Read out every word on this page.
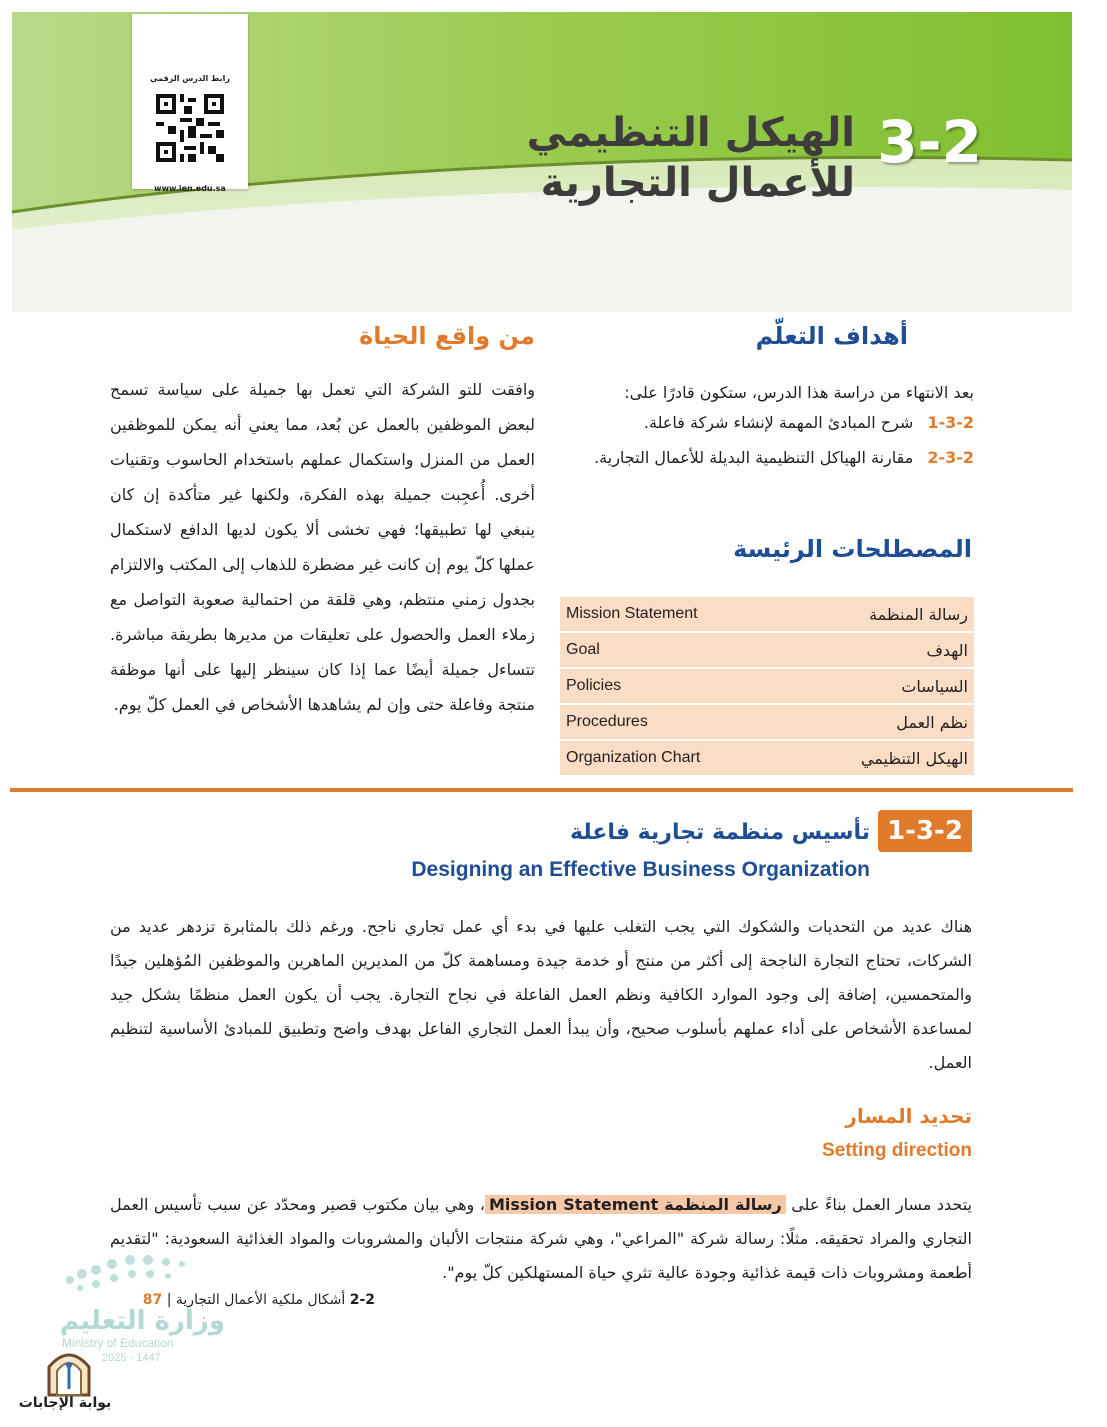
رابط الدرس الرقمي
www.ien.edu.sa
3-2
الهيكل التنظيمي للأعمال التجارية
أهداف التعلّم
بعد الانتهاء من دراسة هذا الدرس، ستكون قادرًا على:
1-3-2
شرح المبادئ المهمة لإنشاء شركة فاعلة.
2-3-2
مقارنة الهياكل التنظيمية البديلة للأعمال التجارية.
المصطلحات الرئيسة
Mission Statement	رسالة المنظمة
Goal	الهدف
Policies	السياسات
Procedures	نظم العمل
Organization Chart	الهيكل التنظيمي
من واقع الحياة
وافقت للتو الشركة التي تعمل بها جميلة على سياسة تسمح لبعض الموظفين بالعمل عن بُعد، مما يعني أنه يمكن للموظفين العمل من المنزل واستكمال عملهم باستخدام الحاسوب وتقنيات أخرى. أُعجِبت جميلة بهذه الفكرة، ولكنها غير متأكدة إن كان ينبغي لها تطبيقها؛ فهي تخشى ألا يكون لديها الدافع لاستكمال عملها كلّ يوم إن كانت غير مضطرة للذهاب إلى المكتب والالتزام بجدول زمني منتظم، وهي قلقة من احتمالية صعوبة التواصل مع زملاء العمل والحصول على تعليقات من مديرها بطريقة مباشرة. تتساءل جميلة أيضًا عما إذا كان سينظر إليها على أنها موظفة منتجة وفاعلة حتى وإن لم يشاهدها الأشخاص في العمل كلّ يوم.
1-3-2
تأسيس منظمة تجارية فاعلة
Designing an Effective Business Organization
هناك عديد من التحديات والشكوك التي يجب التغلب عليها في بدء أي عمل تجاري ناجح. ورغم ذلك بالمثابرة تزدهر عديد من الشركات، تحتاج التجارة الناجحة إلى أكثر من منتج أو خدمة جيدة ومساهمة كلّ من المديرين الماهرين والموظفين المُؤهلين جيدًا والمتحمسين، إضافة إلى وجود الموارد الكافية ونظم العمل الفاعلة في نجاح التجارة. يجب أن يكون العمل منظمًا بشكل جيد لمساعدة الأشخاص على أداء عملهم بأسلوب صحيح، وأن يبدأ العمل التجاري الفاعل بهدف واضح وتطبيق للمبادئ الأساسية لتنظيم العمل.
تحديد المسار
Setting direction
يتحدد مسار العمل بناءً على رسالة المنظمة Mission Statement، وهي بيان مكتوب قصير ومحدّد عن سبب تأسيس العمل التجاري والمراد تحقيقه. مثلًا: رسالة شركة "المراعي"، وهي شركة منتجات الألبان والمشروبات والمواد الغذائية السعودية: "لتقديم أطعمة ومشروبات ذات قيمة غذائية وجودة عالية تثري حياة المستهلكين كلّ يوم".
2-2 أشكال ملكية الأعمال التجارية | 87
وزارة التعليم
Ministry of Education
2025 - 1447
بوابة الإجابات
